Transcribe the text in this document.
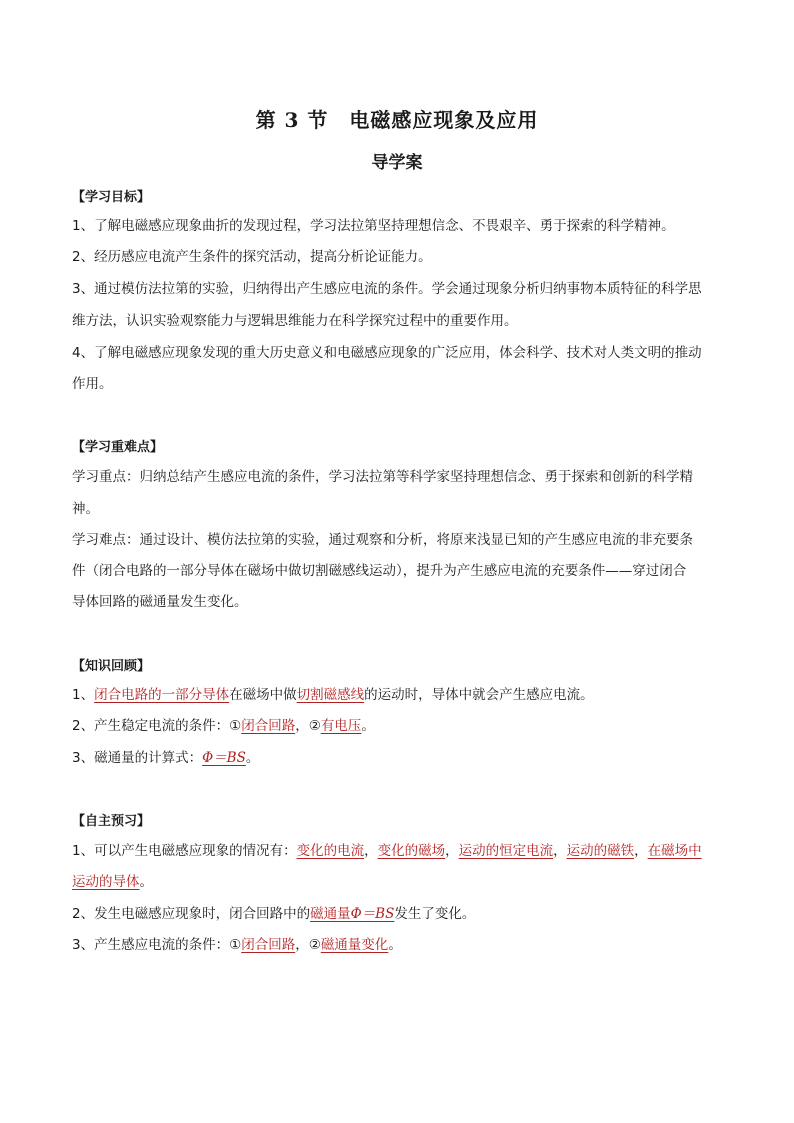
第 3 节　电磁感应现象及应用
导学案
【学习目标】
1、了解电磁感应现象曲折的发现过程，学习法拉第坚持理想信念、不畏艰辛、勇于探索的科学精神。
2、经历感应电流产生条件的探究活动，提高分析论证能力。
3、通过模仿法拉第的实验，归纳得出产生感应电流的条件。学会通过现象分析归纳事物本质特征的科学思
维方法，认识实验观察能力与逻辑思维能力在科学探究过程中的重要作用。
4、了解电磁感应现象发现的重大历史意义和电磁感应现象的广泛应用，体会科学、技术对人类文明的推动
作用。
【学习重难点】
学习重点：归纳总结产生感应电流的条件，学习法拉第等科学家坚持理想信念、勇于探索和创新的科学精
神。
学习难点：通过设计、模仿法拉第的实验，通过观察和分析，将原来浅显已知的产生感应电流的非充要条
件（闭合电路的一部分导体在磁场中做切割磁感线运动），提升为产生感应电流的充要条件——穿过闭合
导体回路的磁通量发生变化。
【知识回顾】
1、闭合电路的一部分导体在磁场中做切割磁感线的运动时，导体中就会产生感应电流。
2、产生稳定电流的条件：①闭合回路，②有电压。
3、磁通量的计算式：Φ＝BS。
【自主预习】
1、可以产生电磁感应现象的情况有：变化的电流，变化的磁场，运动的恒定电流，运动的磁铁，在磁场中
运动的导体。
2、发生电磁感应现象时，闭合回路中的磁通量Φ＝BS发生了变化。
3、产生感应电流的条件：①闭合回路，②磁通量变化。
